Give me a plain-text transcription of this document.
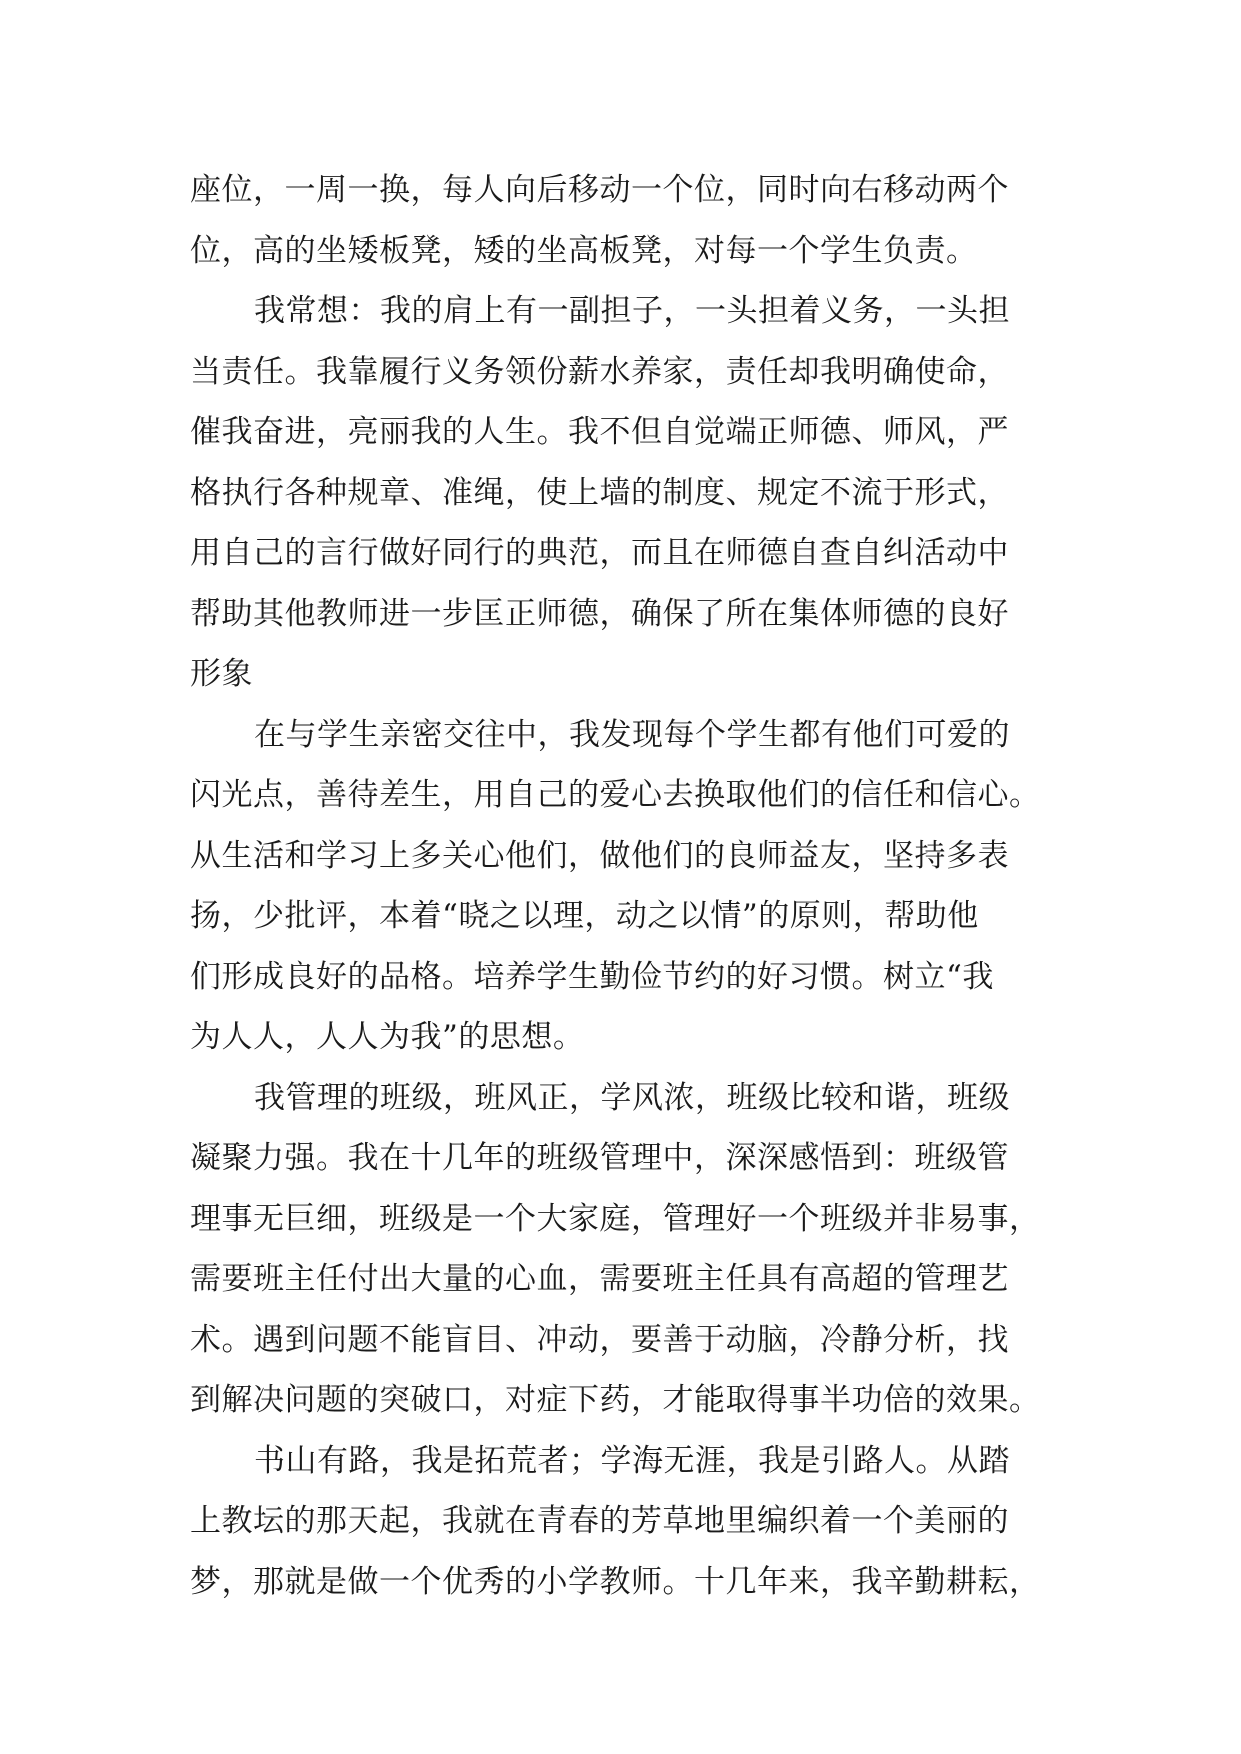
座位，一周一换，每人向后移动一个位，同时向右移动两个
位，高的坐矮板凳，矮的坐高板凳，对每一个学生负责。
我常想：我的肩上有一副担子，一头担着义务，一头担
当责任。我靠履行义务领份薪水养家，责任却我明确使命，
催我奋进，亮丽我的人生。我不但自觉端正师德、师风，严
格执行各种规章、准绳，使上墙的制度、规定不流于形式，
用自己的言行做好同行的典范，而且在师德自查自纠活动中
帮助其他教师进一步匡正师德，确保了所在集体师德的良好
形象
在与学生亲密交往中，我发现每个学生都有他们可爱的
闪光点，善待差生，用自己的爱心去换取他们的信任和信心。
从生活和学习上多关心他们，做他们的良师益友，坚持多表
扬，少批评，本着“晓之以理，动之以情”的原则，帮助他
们形成良好的品格。培养学生勤俭节约的好习惯。树立“我
为人人，人人为我”的思想。
我管理的班级，班风正，学风浓，班级比较和谐，班级
凝聚力强。我在十几年的班级管理中，深深感悟到：班级管
理事无巨细，班级是一个大家庭，管理好一个班级并非易事，
需要班主任付出大量的心血，需要班主任具有高超的管理艺
术。遇到问题不能盲目、冲动，要善于动脑，冷静分析，找
到解决问题的突破口，对症下药，才能取得事半功倍的效果。
书山有路，我是拓荒者；学海无涯，我是引路人。从踏
上教坛的那天起，我就在青春的芳草地里编织着一个美丽的
梦，那就是做一个优秀的小学教师。十几年来，我辛勤耕耘，
